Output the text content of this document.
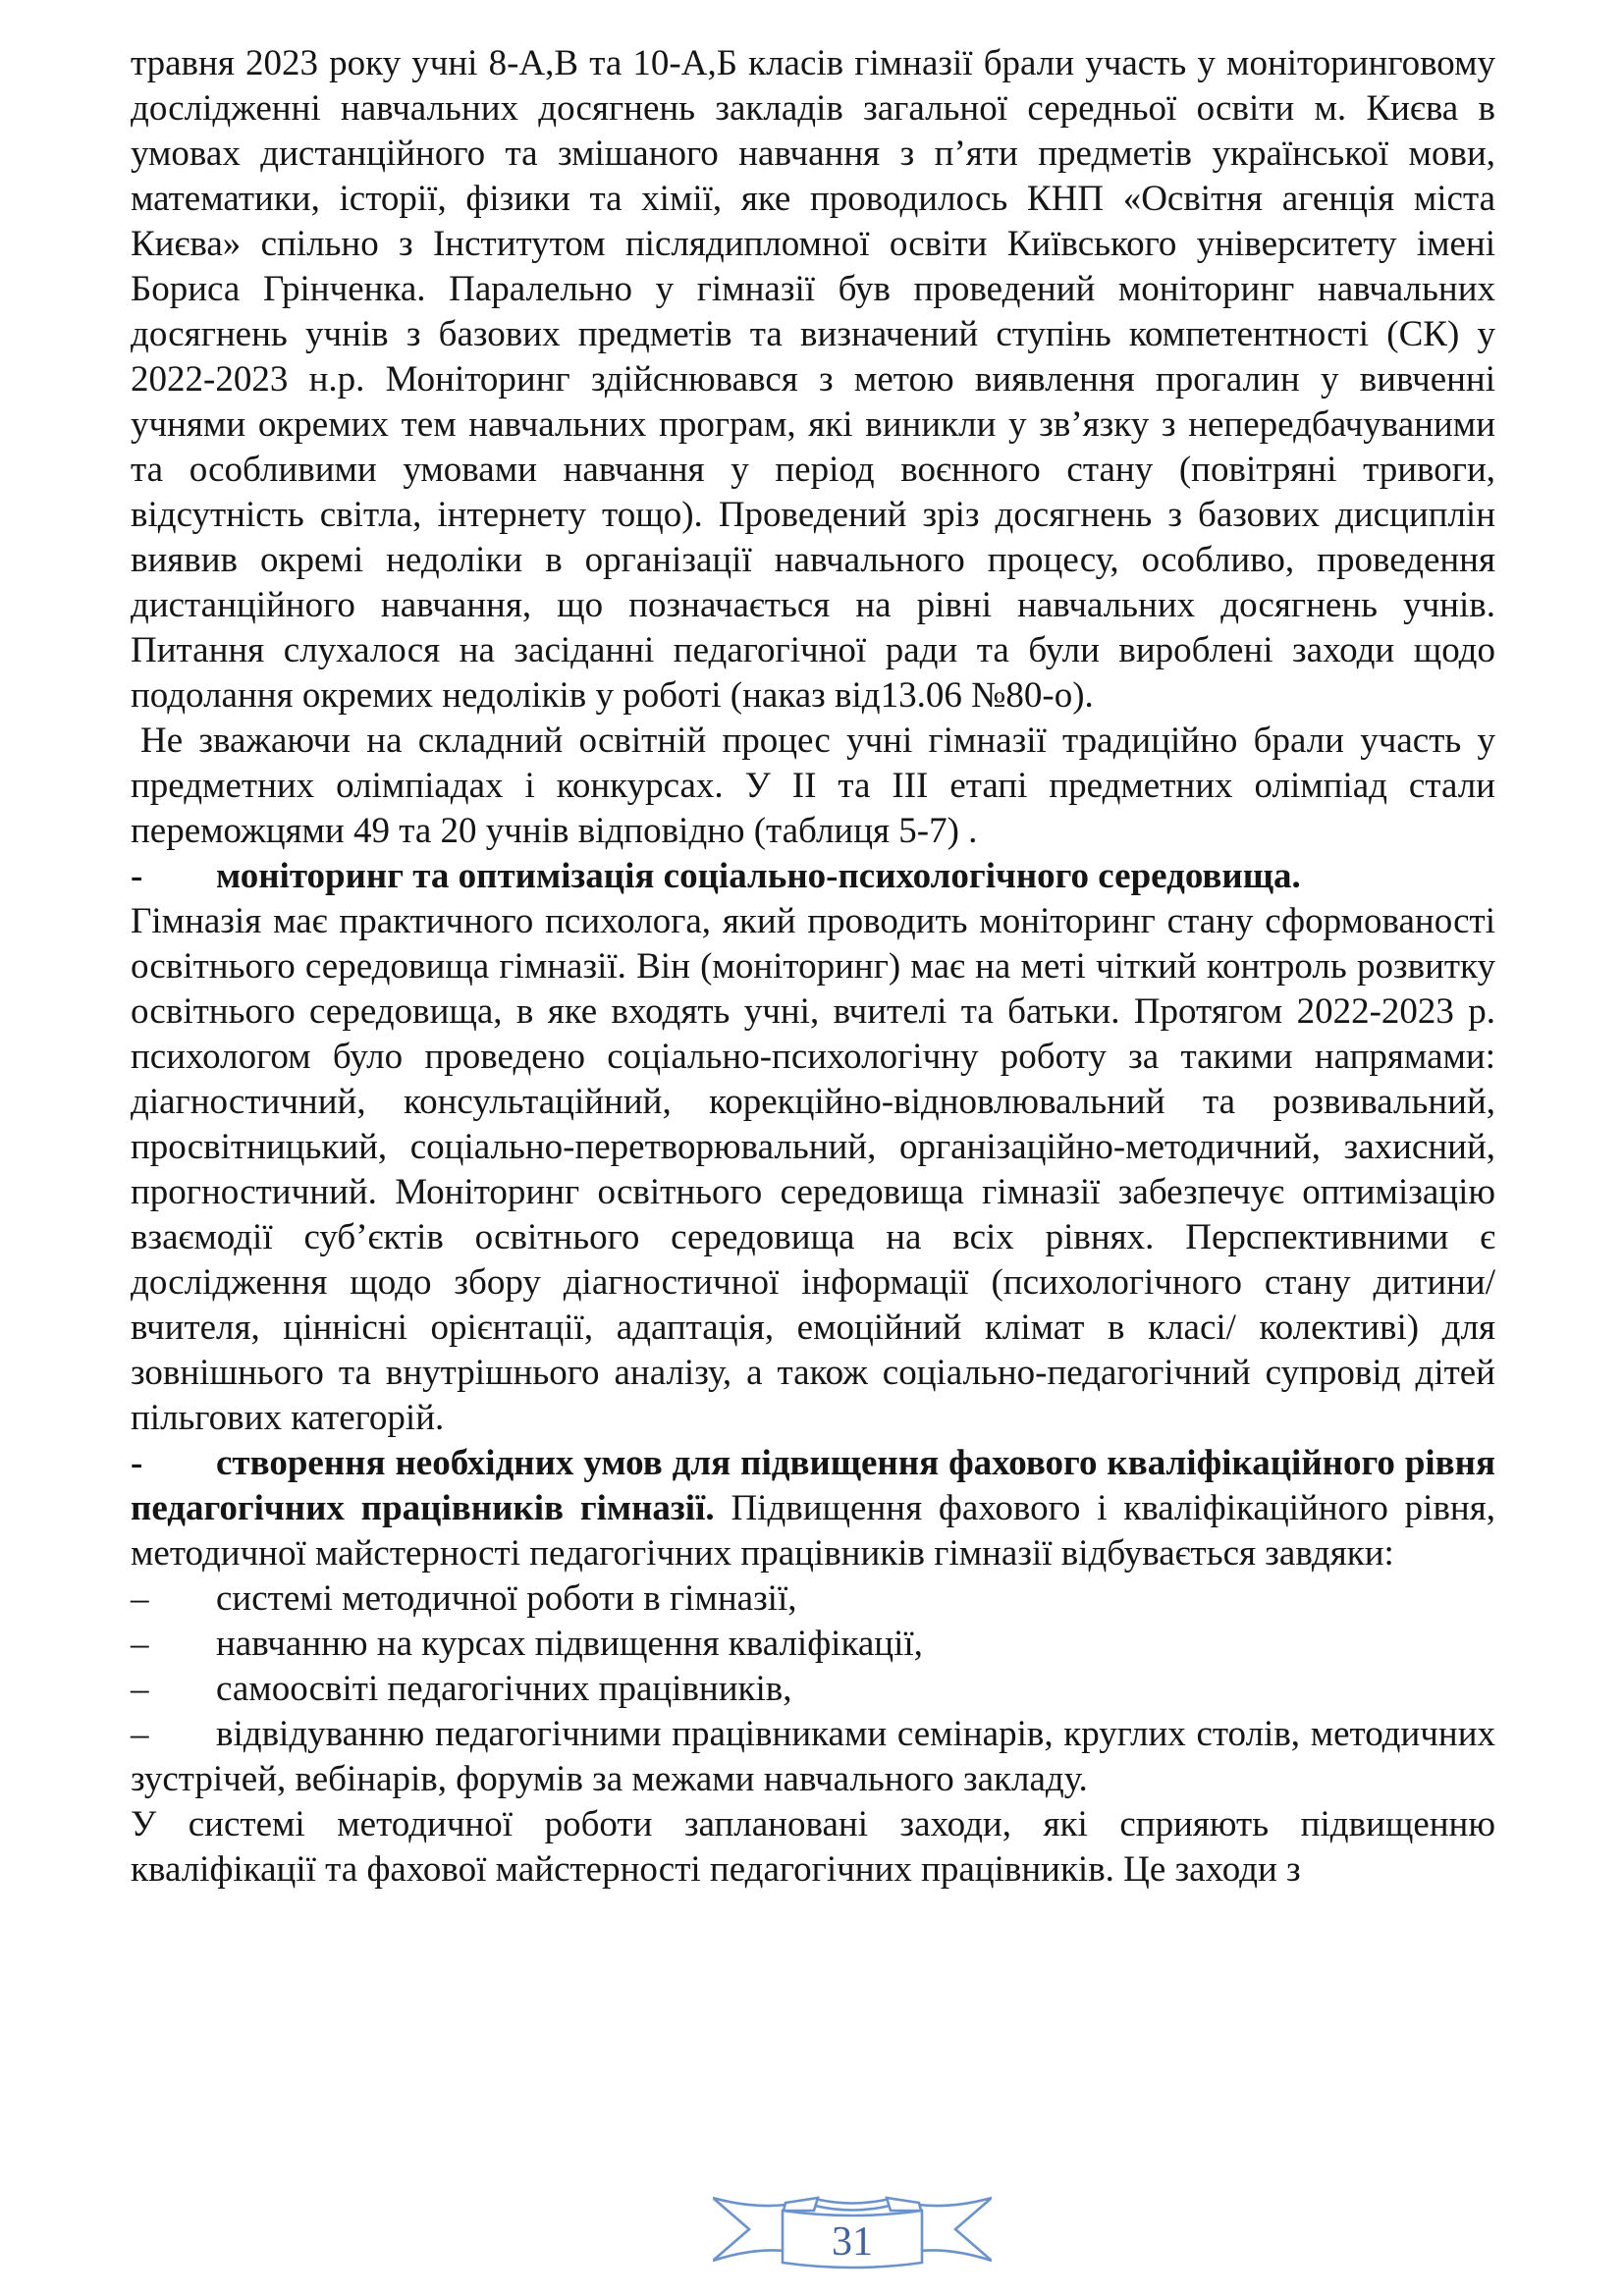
травня 2023 року учні 8-А,В та 10-А,Б класів гімназії брали участь у моніторинговому дослідженні навчальних досягнень закладів загальної середньої освіти м. Києва в умовах дистанційного та змішаного навчання з п’яти предметів української мови, математики, історії, фізики та хімії, яке проводилось КНП «Освітня агенція міста Києва» спільно з Інститутом післядипломної освіти Київського університету імені Бориса Грінченка. Паралельно у гімназії був проведений моніторинг навчальних досягнень учнів з базових предметів та визначений ступінь компетентності (СК) у 2022-2023 н.р. Моніторинг здійснювався з метою виявлення прогалин у вивченні учнями окремих тем навчальних програм, які виникли у зв’язку з непередбачуваними та особливими умовами навчання у період воєнного стану (повітряні тривоги, відсутність світла, інтернету тощо). Проведений зріз досягнень з базових дисциплін виявив окремі недоліки в організації навчального процесу, особливо, проведення дистанційного навчання, що позначається на рівні навчальних досягнень учнів. Питання слухалося на засіданні педагогічної ради та були вироблені заходи щодо подолання окремих недоліків у роботі (наказ від13.06 №80-о).

Не зважаючи на складний освітній процес учні гімназії традиційно брали участь у предметних олімпіадах і конкурсах. У ІІ та ІІІ етапі предметних олімпіад стали переможцями 49 та 20 учнів відповідно (таблиця 5-7) .

- моніторинг та оптимізація соціально-психологічного середовища.

Гімназія має практичного психолога, який проводить моніторинг стану сформованості освітнього середовища гімназії. Він (моніторинг) має на меті чіткий контроль розвитку освітнього середовища, в яке входять учні, вчителі та батьки. Протягом 2022-2023 р. психологом було проведено соціально-психологічну роботу за такими напрямами: діагностичний, консультаційний, корекційно-відновлювальний та розвивальний, просвітницький, соціально-перетворювальний, організаційно-методичний, захисний, прогностичний. Моніторинг освітнього середовища гімназії забезпечує оптимізацію взаємодії суб’єктів освітнього середовища на всіх рівнях. Перспективними є дослідження щодо збору діагностичної інформації (психологічного стану дитини/ вчителя, ціннісні орієнтації, адаптація, емоційний клімат в класі/ колективі) для зовнішнього та внутрішнього аналізу, а також соціально-педагогічний супровід дітей пільгових категорій.

- створення необхідних умов для підвищення фахового кваліфікаційного рівня педагогічних працівників гімназії. Підвищення фахового і кваліфікаційного рівня, методичної майстерності педагогічних працівників гімназії відбувається завдяки:

– системі методичної роботи в гімназії,

– навчанню на курсах підвищення кваліфікації,

– самоосвіті педагогічних працівників,

– відвідуванню педагогічними працівниками семінарів, круглих столів, методичних зустрічей, вебінарів, форумів за межами навчального закладу.

У системі методичної роботи заплановані заходи, які сприяють підвищенню кваліфікації та фахової майстерності педагогічних працівників. Це заходи з

31
